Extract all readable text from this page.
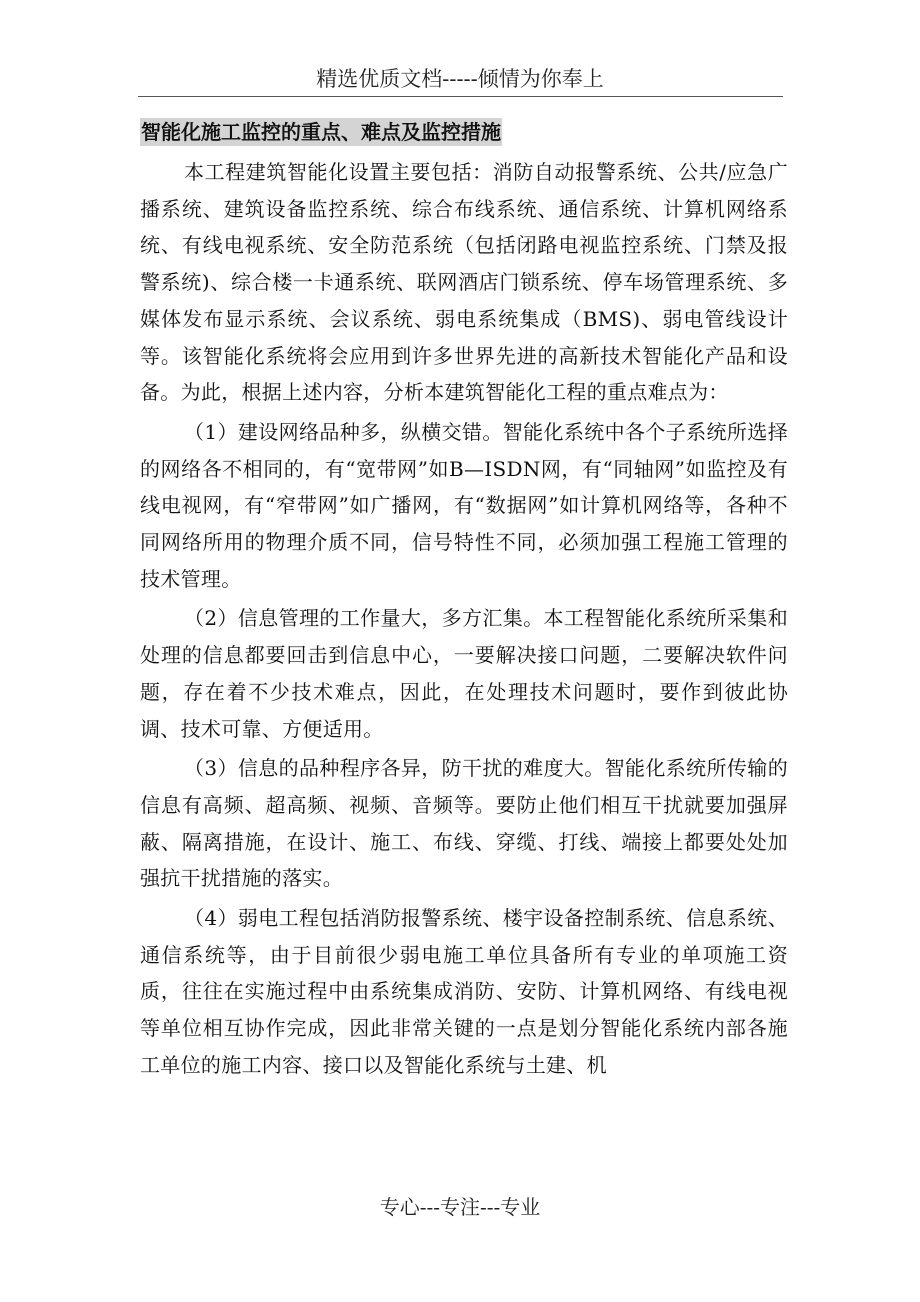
精选优质文档-----倾情为你奉上
智能化施工监控的重点、难点及监控措施

本工程建筑智能化设置主要包括：消防自动报警系统、公共/应急广播系统、建筑设备监控系统、综合布线系统、通信系统、计算机网络系统、有线电视系统、安全防范系统（包括闭路电视监控系统、门禁及报警系统)、综合楼一卡通系统、联网酒店门锁系统、停车场管理系统、多媒体发布显示系统、会议系统、弱电系统集成（BMS)、弱电管线设计等。该智能化系统将会应用到许多世界先进的高新技术智能化产品和设备。为此，根据上述内容，分析本建筑智能化工程的重点难点为：

（1）建设网络品种多，纵横交错。智能化系统中各个子系统所选择的网络各不相同的，有“宽带网”如B—ISDN网，有“同轴网”如监控及有线电视网，有“窄带网”如广播网，有“数据网”如计算机网络等，各种不同网络所用的物理介质不同，信号特性不同，必须加强工程施工管理的技术管理。

（2）信息管理的工作量大，多方汇集。本工程智能化系统所采集和处理的信息都要回击到信息中心，一要解决接口问题，二要解决软件问题，存在着不少技术难点，因此，在处理技术问题时，要作到彼此协调、技术可靠、方便适用。

（3）信息的品种程序各异，防干扰的难度大。智能化系统所传输的信息有高频、超高频、视频、音频等。要防止他们相互干扰就要加强屏蔽、隔离措施，在设计、施工、布线、穿缆、打线、端接上都要处处加强抗干扰措施的落实。

（4）弱电工程包括消防报警系统、楼宇设备控制系统、信息系统、通信系统等，由于目前很少弱电施工单位具备所有专业的单项施工资质，往往在实施过程中由系统集成消防、安防、计算机网络、有线电视等单位相互协作完成，因此非常关键的一点是划分智能化系统内部各施工单位的施工内容、接口以及智能化系统与土建、机

专心---专注---专业
